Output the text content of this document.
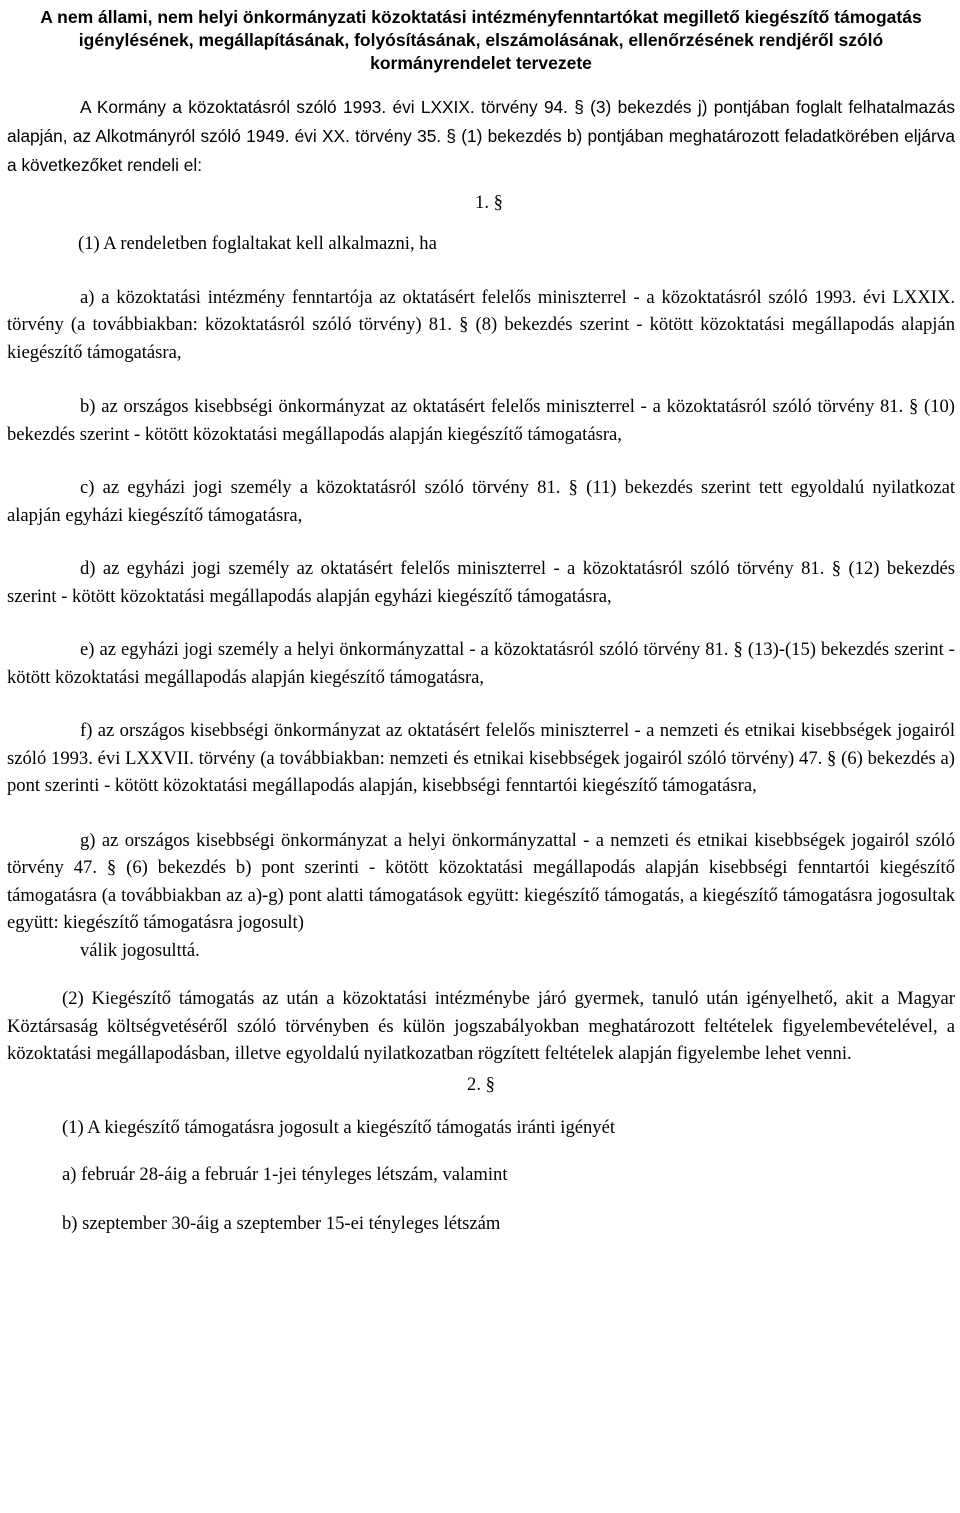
A nem állami, nem helyi önkormányzati közoktatási intézményfenntartókat megillető kiegészítő támogatás igénylésének, megállapításának, folyósításának, elszámolásának, ellenőrzésének rendjéről szóló kormányrendelet tervezete

A Kormány a közoktatásról szóló 1993. évi LXXIX. törvény 94. § (3) bekezdés j) pontjában foglalt felhatalmazás alapján, az Alkotmányról szóló 1949. évi XX. törvény 35. § (1) bekezdés b) pontjában meghatározott feladatkörében eljárva a következőket rendeli el:

1. §

(1) A rendeletben foglaltakat kell alkalmazni, ha

a) a közoktatási intézmény fenntartója az oktatásért felelős miniszterrel - a közoktatásról szóló 1993. évi LXXIX. törvény (a továbbiakban: közoktatásról szóló törvény) 81. § (8) bekezdés szerint - kötött közoktatási megállapodás alapján kiegészítő támogatásra,

b) az országos kisebbségi önkormányzat az oktatásért felelős miniszterrel - a közoktatásról szóló törvény 81. § (10) bekezdés szerint - kötött közoktatási megállapodás alapján kiegészítő támogatásra,

c) az egyházi jogi személy a közoktatásról szóló törvény 81. § (11) bekezdés szerint tett egyoldalú nyilatkozat alapján egyházi kiegészítő támogatásra,

d) az egyházi jogi személy az oktatásért felelős miniszterrel - a közoktatásról szóló törvény 81. § (12) bekezdés szerint - kötött közoktatási megállapodás alapján egyházi kiegészítő támogatásra,

e) az egyházi jogi személy a helyi önkormányzattal - a közoktatásról szóló törvény 81. § (13)-(15) bekezdés szerint - kötött közoktatási megállapodás alapján kiegészítő támogatásra,

f) az országos kisebbségi önkormányzat az oktatásért felelős miniszterrel - a nemzeti és etnikai kisebbségek jogairól szóló 1993. évi LXXVII. törvény (a továbbiakban: nemzeti és etnikai kisebbségek jogairól szóló törvény) 47. § (6) bekezdés a) pont szerinti - kötött közoktatási megállapodás alapján, kisebbségi fenntartói kiegészítő támogatásra,

g) az országos kisebbségi önkormányzat a helyi önkormányzattal - a nemzeti és etnikai kisebbségek jogairól szóló törvény 47. § (6) bekezdés b) pont szerinti - kötött közoktatási megállapodás alapján kisebbségi fenntartói kiegészítő támogatásra (a továbbiakban az a)-g) pont alatti támogatások együtt: kiegészítő támogatás, a kiegészítő támogatásra jogosultak együtt: kiegészítő támogatásra jogosult)

válik jogosulttá.

(2) Kiegészítő támogatás az után a közoktatási intézménybe járó gyermek, tanuló után igényelhető, akit a Magyar Köztársaság költségvetéséről szóló törvényben és külön jogszabályokban meghatározott feltételek figyelembevételével, a közoktatási megállapodásban, illetve egyoldalú nyilatkozatban rögzített feltételek alapján figyelembe lehet venni.

2. §

(1) A kiegészítő támogatásra jogosult a kiegészítő támogatás iránti igényét

a) február 28-áig a február 1-jei tényleges létszám, valamint

b) szeptember 30-áig a szeptember 15-ei tényleges létszám
